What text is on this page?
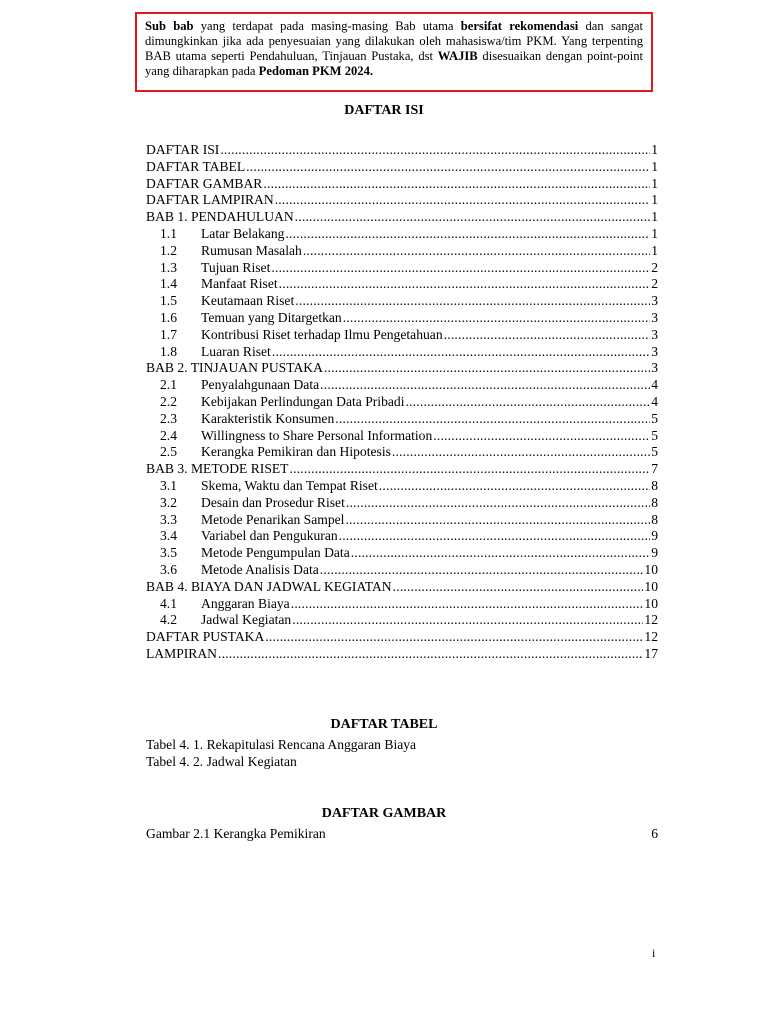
Sub bab yang terdapat pada masing-masing Bab utama bersifat rekomendasi dan sangat dimungkinkan jika ada penyesuaian yang dilakukan oleh mahasiswa/tim PKM. Yang terpenting BAB utama seperti Pendahuluan, Tinjauan Pustaka, dst WAJIB disesuaikan dengan point-point yang diharapkan pada Pedoman PKM 2024.
DAFTAR ISI
DAFTAR ISI .....	1
DAFTAR TABEL .....	1
DAFTAR GAMBAR .....	1
DAFTAR LAMPIRAN .....	1
BAB 1. PENDAHULUAN .....	1
1.1 Latar Belakang .....	1
1.2 Rumusan Masalah .....	1
1.3 Tujuan Riset .....	2
1.4 Manfaat Riset .....	2
1.5 Keutamaan Riset .....	3
1.6 Temuan yang Ditargetkan .....	3
1.7 Kontribusi Riset terhadap Ilmu Pengetahuan .....	3
1.8 Luaran Riset .....	3
BAB 2. TINJAUAN PUSTAKA .....	3
2.1 Penyalahgunaan Data .....	4
2.2 Kebijakan Perlindungan Data Pribadi .....	4
2.3 Karakteristik Konsumen .....	5
2.4 Willingness to Share Personal Information .....	5
2.5 Kerangka Pemikiran dan Hipotesis .....	5
BAB 3. METODE RISET .....	7
3.1 Skema, Waktu dan Tempat Riset .....	8
3.2 Desain dan Prosedur Riset .....	8
3.3 Metode Penarikan Sampel .....	8
3.4 Variabel dan Pengukuran .....	9
3.5 Metode Pengumpulan Data .....	9
3.6 Metode Analisis Data .....	10
BAB 4. BIAYA DAN JADWAL KEGIATAN .....	10
4.1 Anggaran Biaya .....	10
4.2 Jadwal Kegiatan .....	12
DAFTAR PUSTAKA .....	12
LAMPIRAN .....	17
DAFTAR TABEL
Tabel 4. 1. Rekapitulasi Rencana Anggaran Biaya
Tabel 4. 2. Jadwal Kegiatan
DAFTAR GAMBAR
Gambar 2.1 Kerangka Pemikiran	6
i
